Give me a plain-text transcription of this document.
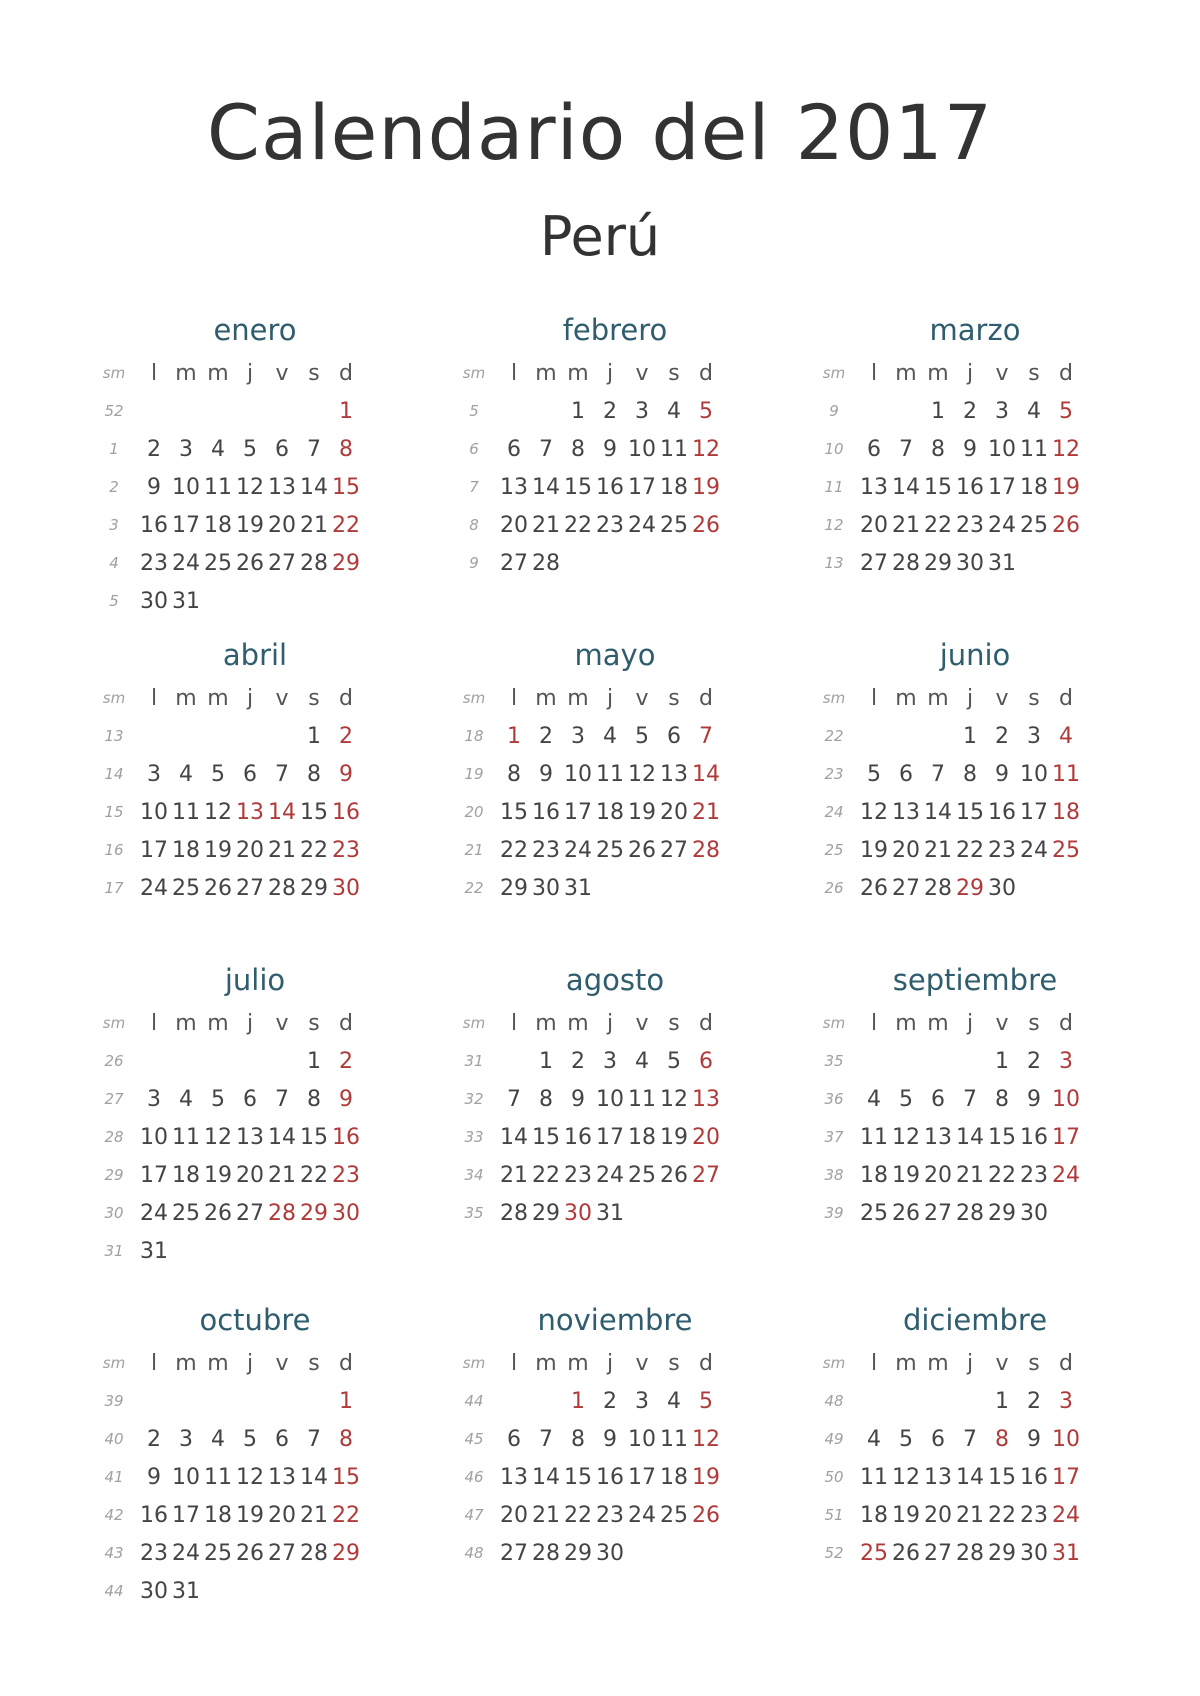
Calendario del 2017
Perú
enero
sm	l	m	m	j	v	s	d
52							1
1	2	3	4	5	6	7	8
2	9	10	11	12	13	14	15
3	16	17	18	19	20	21	22
4	23	24	25	26	27	28	29
5	30	31					
febrero
sm	l	m	m	j	v	s	d
5			1	2	3	4	5
6	6	7	8	9	10	11	12
7	13	14	15	16	17	18	19
8	20	21	22	23	24	25	26
9	27	28					
marzo
sm	l	m	m	j	v	s	d
9			1	2	3	4	5
10	6	7	8	9	10	11	12
11	13	14	15	16	17	18	19
12	20	21	22	23	24	25	26
13	27	28	29	30	31		
abril
sm	l	m	m	j	v	s	d
13						1	2
14	3	4	5	6	7	8	9
15	10	11	12	13	14	15	16
16	17	18	19	20	21	22	23
17	24	25	26	27	28	29	30
mayo
sm	l	m	m	j	v	s	d
18	1	2	3	4	5	6	7
19	8	9	10	11	12	13	14
20	15	16	17	18	19	20	21
21	22	23	24	25	26	27	28
22	29	30	31				
junio
sm	l	m	m	j	v	s	d
22				1	2	3	4
23	5	6	7	8	9	10	11
24	12	13	14	15	16	17	18
25	19	20	21	22	23	24	25
26	26	27	28	29	30		
julio
sm	l	m	m	j	v	s	d
26						1	2
27	3	4	5	6	7	8	9
28	10	11	12	13	14	15	16
29	17	18	19	20	21	22	23
30	24	25	26	27	28	29	30
31	31						
agosto
sm	l	m	m	j	v	s	d
31		1	2	3	4	5	6
32	7	8	9	10	11	12	13
33	14	15	16	17	18	19	20
34	21	22	23	24	25	26	27
35	28	29	30	31			
septiembre
sm	l	m	m	j	v	s	d
35					1	2	3
36	4	5	6	7	8	9	10
37	11	12	13	14	15	16	17
38	18	19	20	21	22	23	24
39	25	26	27	28	29	30	
octubre
sm	l	m	m	j	v	s	d
39							1
40	2	3	4	5	6	7	8
41	9	10	11	12	13	14	15
42	16	17	18	19	20	21	22
43	23	24	25	26	27	28	29
44	30	31					
noviembre
sm	l	m	m	j	v	s	d
44			1	2	3	4	5
45	6	7	8	9	10	11	12
46	13	14	15	16	17	18	19
47	20	21	22	23	24	25	26
48	27	28	29	30			
diciembre
sm	l	m	m	j	v	s	d
48					1	2	3
49	4	5	6	7	8	9	10
50	11	12	13	14	15	16	17
51	18	19	20	21	22	23	24
52	25	26	27	28	29	30	31
